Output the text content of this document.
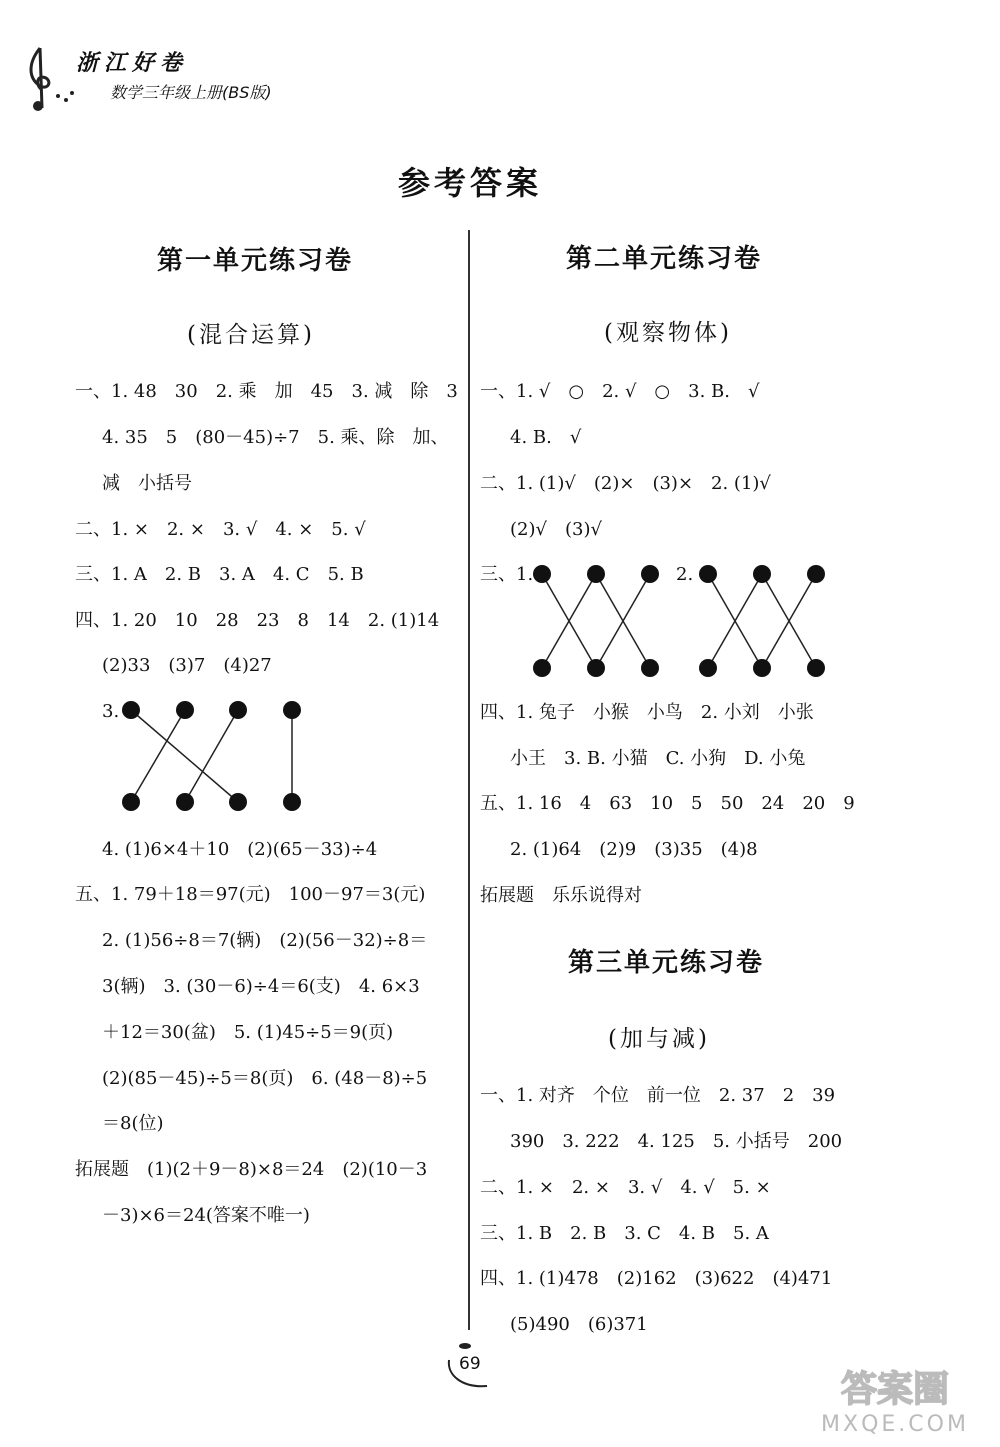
浙江好卷
数学三年级上册(BS版)
参考答案
第一单元练习卷
(混合运算)
一、1. 48　30　2. 乘　加　45　3. 减　除　3
4. 35　5　(80－45)÷7　5. 乘、除　加、
减　小括号
二、1. ×　2. ×　3. √　4. ×　5. √
三、1. A　2. B　3. A　4. C　5. B
四、1. 20　10　28　23　8　14　2. (1)14
(2)33　(3)7　(4)27
3.
4. (1)6×4＋10　(2)(65－33)÷4
五、1. 79＋18＝97(元)　100－97＝3(元)
2. (1)56÷8＝7(辆)　(2)(56－32)÷8＝
3(辆)　3. (30－6)÷4＝6(支)　4. 6×3
＋12＝30(盆)　5. (1)45÷5＝9(页)
(2)(85－45)÷5＝8(页)　6. (48－8)÷5
＝8(位)
拓展题　(1)(2＋9－8)×8＝24　(2)(10－3
－3)×6＝24(答案不唯一)
第二单元练习卷
(观察物体)
一、1. √　○　2. √　○　3. B.　√
4. B.　√
二、1. (1)√　(2)×　(3)×　2. (1)√
(2)√　(3)√
三、1.	2.
四、1. 兔子　小猴　小鸟　2. 小刘　小张
小王　3. B. 小猫　C. 小狗　D. 小兔
五、1. 16　4　63　10　5　50　24　20　9
2. (1)64　(2)9　(3)35　(4)8
拓展题　乐乐说得对
第三单元练习卷
(加与减)
一、1. 对齐　个位　前一位　2. 37　2　39
390　3. 222　4. 125　5. 小括号　200
二、1. ×　2. ×　3. √　4. √　5. ×
三、1. B　2. B　3. C　4. B　5. A
四、1. (1)478　(2)162　(3)622　(4)471
(5)490　(6)371
69
答案圈
MXQE.COM
